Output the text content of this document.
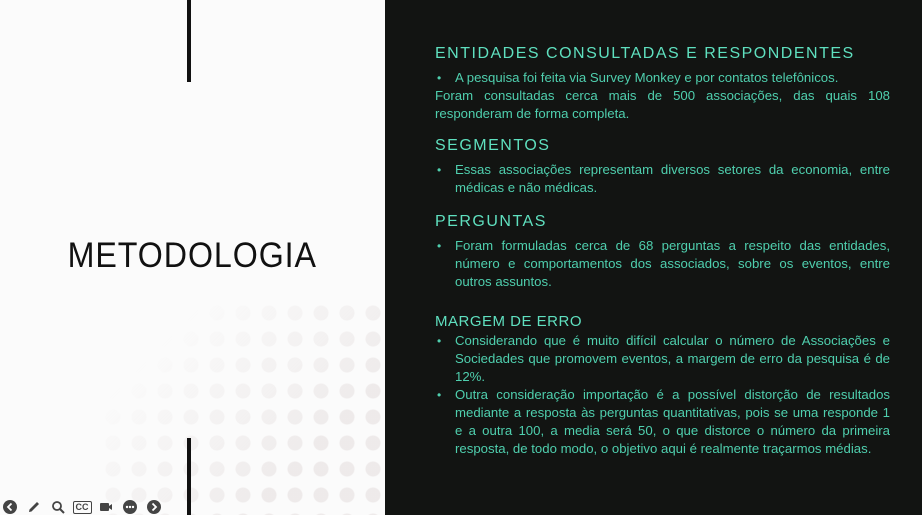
METODOLOGIA
CC
ENTIDADES CONSULTADAS E RESPONDENTES
• A pesquisa foi feita via Survey Monkey e por contatos telefônicos.

Foram consultadas cerca mais de 500 associações, das quais 108 responderam de forma completa.

SEGMENTOS
• Essas associações representam diversos setores da economia, entre médicas e não médicas.
PERGUNTAS
• Foram formuladas cerca de 68 perguntas a respeito das entidades, número e comportamentos dos associados, sobre os eventos, entre outros assuntos.
MARGEM DE ERRO
• Considerando que é muito difícil calcular o número de Associações e Sociedades que promovem eventos, a margem de erro da pesquisa é de 12%.
• Outra consideração importação é a possível distorção de resultados mediante a resposta às perguntas quantitativas, pois se uma responde 1 e a outra 100, a media será 50, o que distorce o número da primeira resposta, de todo modo, o objetivo aqui é realmente traçarmos médias.
